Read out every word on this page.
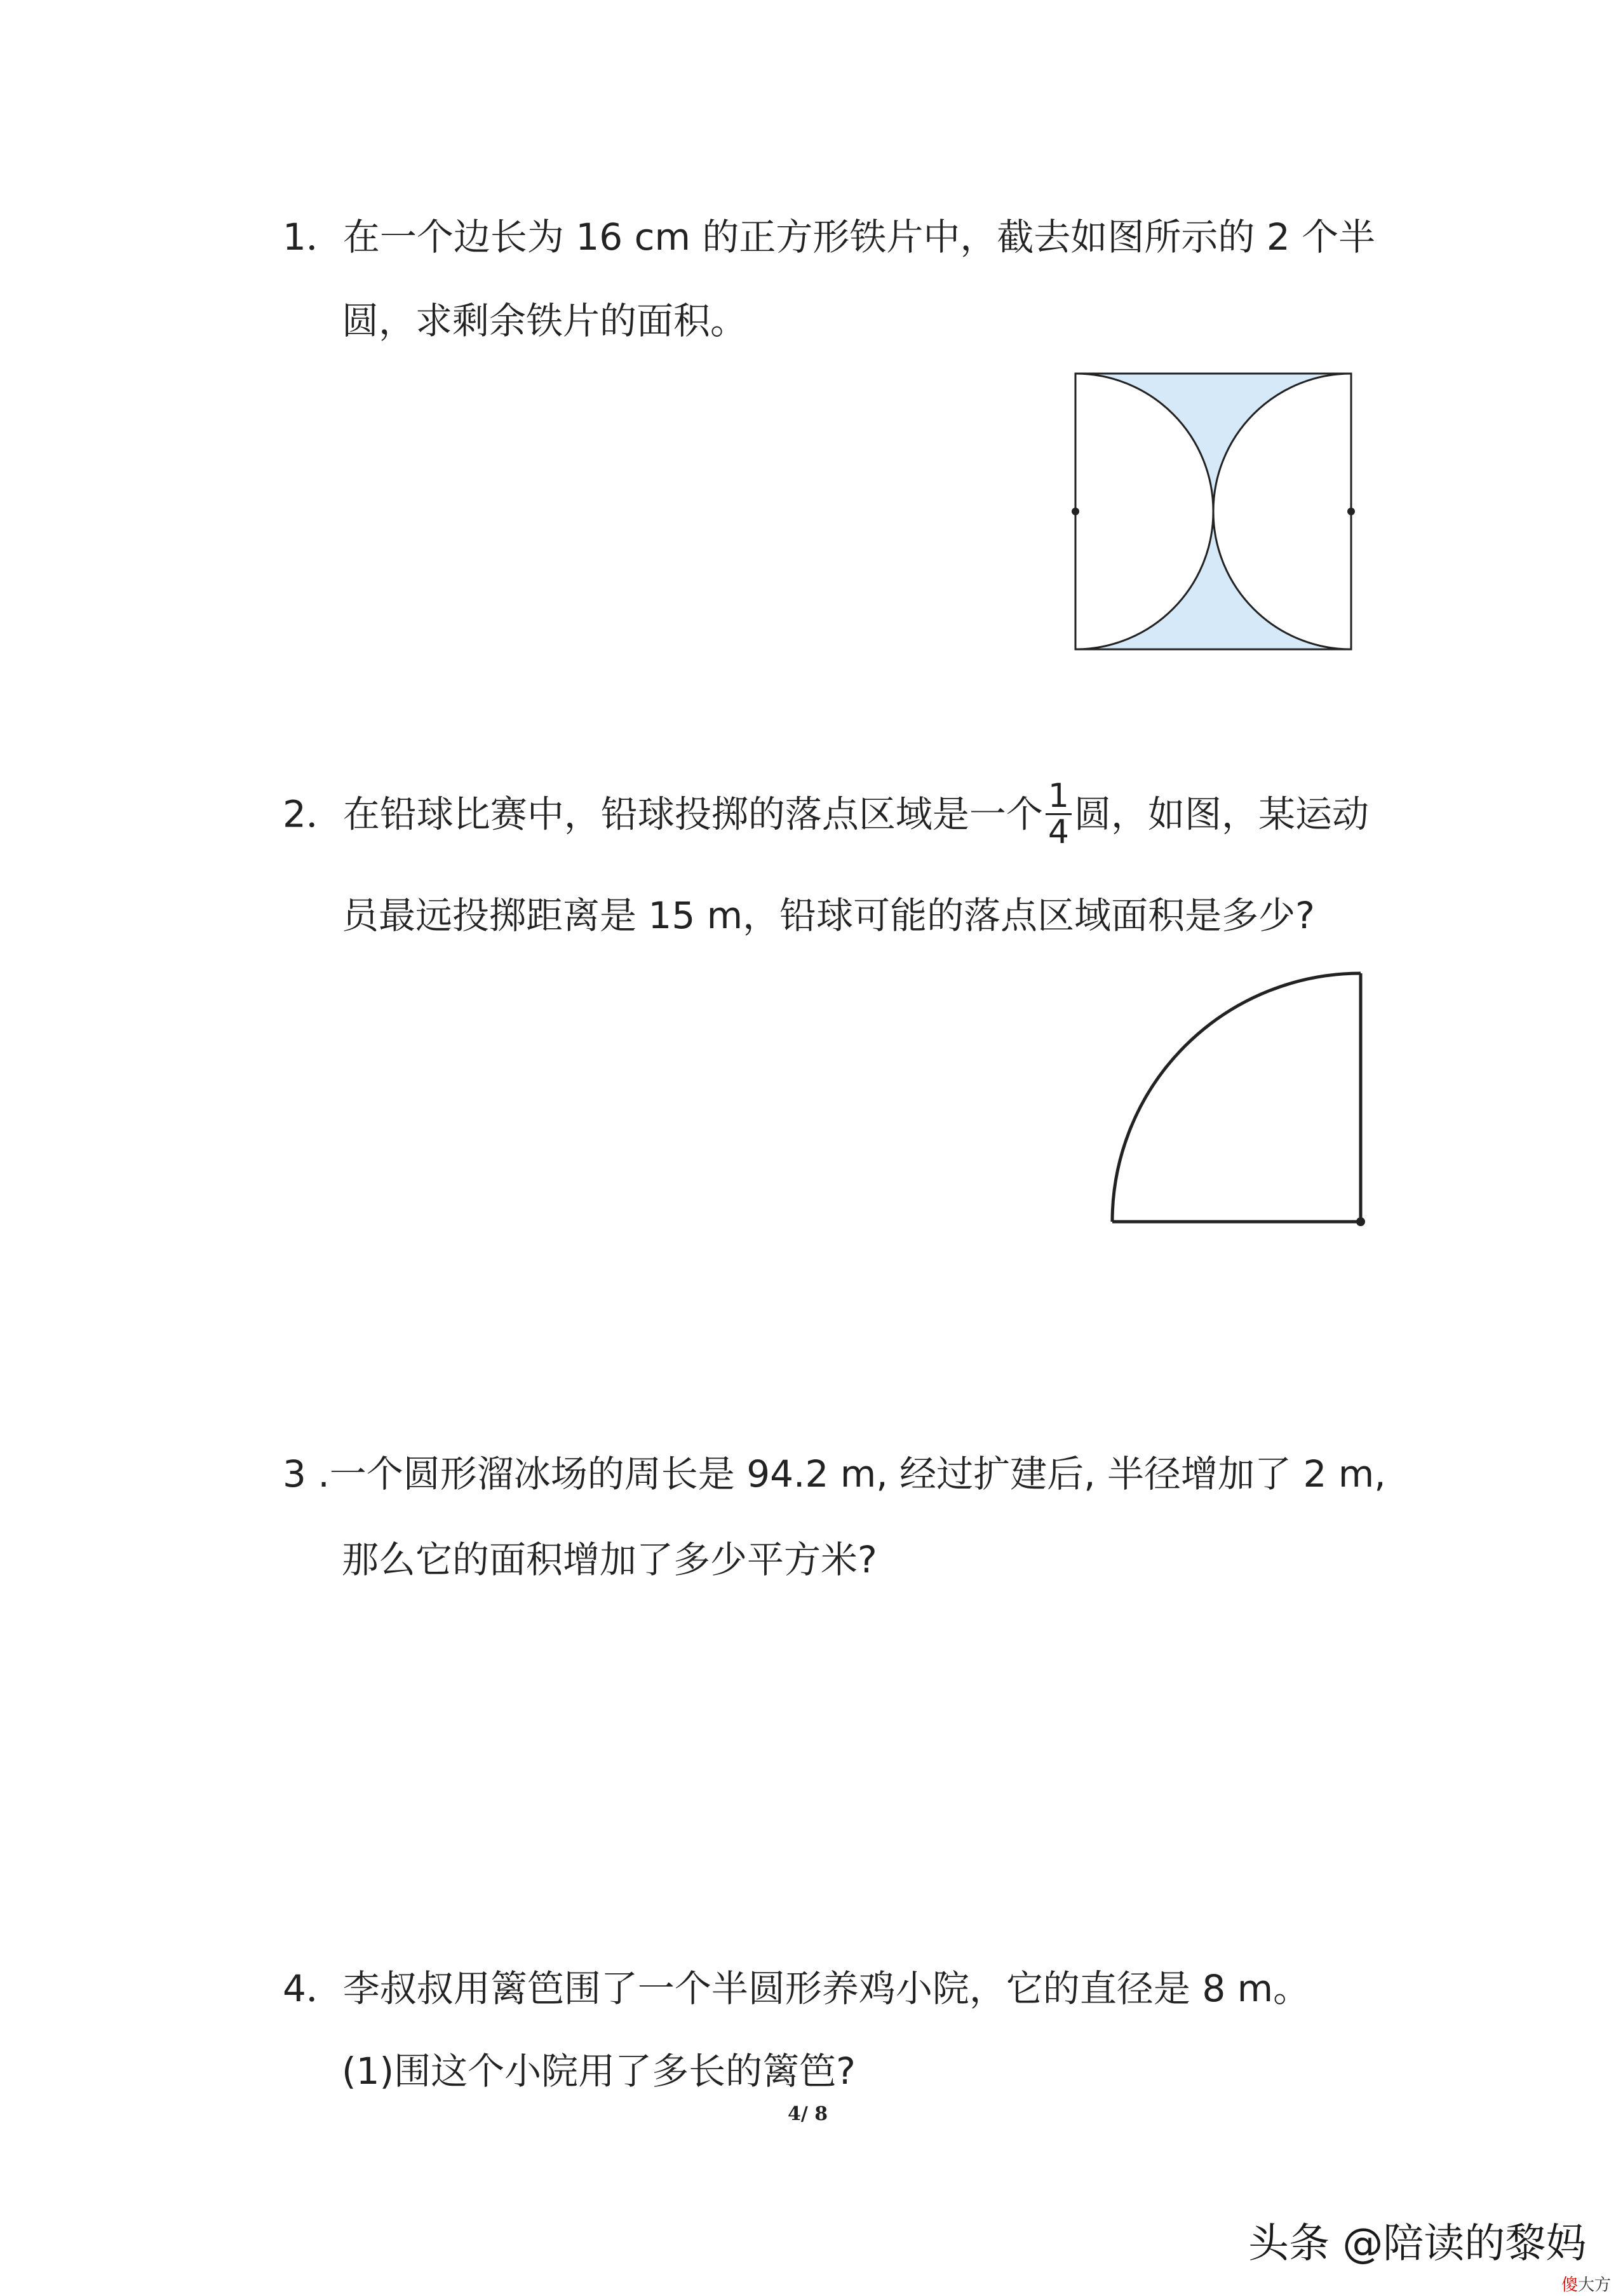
1．在一个边长为 16 cm 的正方形铁片中，截去如图所示的 2 个半
圆，求剩余铁片的面积。
2．在铅球比赛中，铅球投掷的落点区域是一个 $\frac{1}{4}$ 圆，如图，某运动
员最远投掷距离是 15 m，铅球可能的落点区域面积是多少?
3 .一个圆形溜冰场的周长是 94.2 m, 经过扩建后, 半径增加了 2 m,
那么它的面积增加了多少平方米?
4．李叔叔用篱笆围了一个半圆形养鸡小院，它的直径是 8 m。
(1)围这个小院用了多长的篱笆?
4/ 8
头条 @陪读的黎妈
傻大方
